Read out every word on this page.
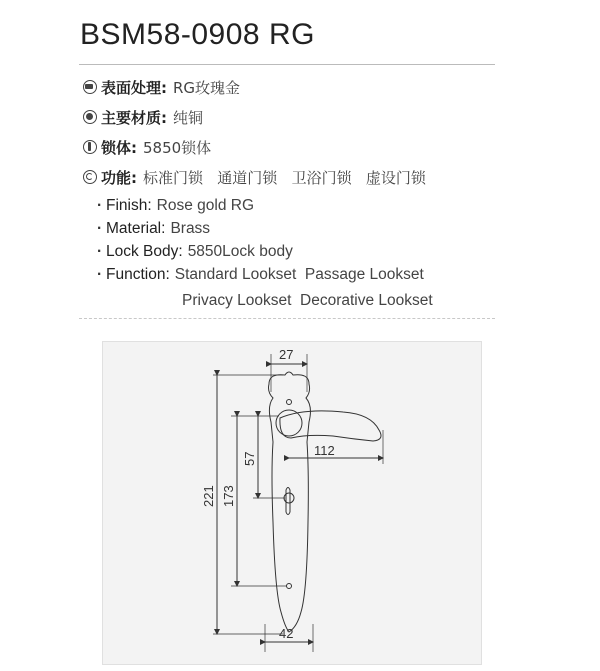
BSM58-0908 RG
表面处理: RG玫瑰金
主要材质: 纯铜
锁体: 5850锁体
功能: 标准门锁   通道门锁   卫浴门锁   虚设门锁
· Finish: Rose gold RG
· Material: Brass
· Lock Body: 5850Lock body
· Function: Standard Lookset  Passage Lookset
Privacy Lookset  Decorative Lookset
27
112
57
221 173
42
